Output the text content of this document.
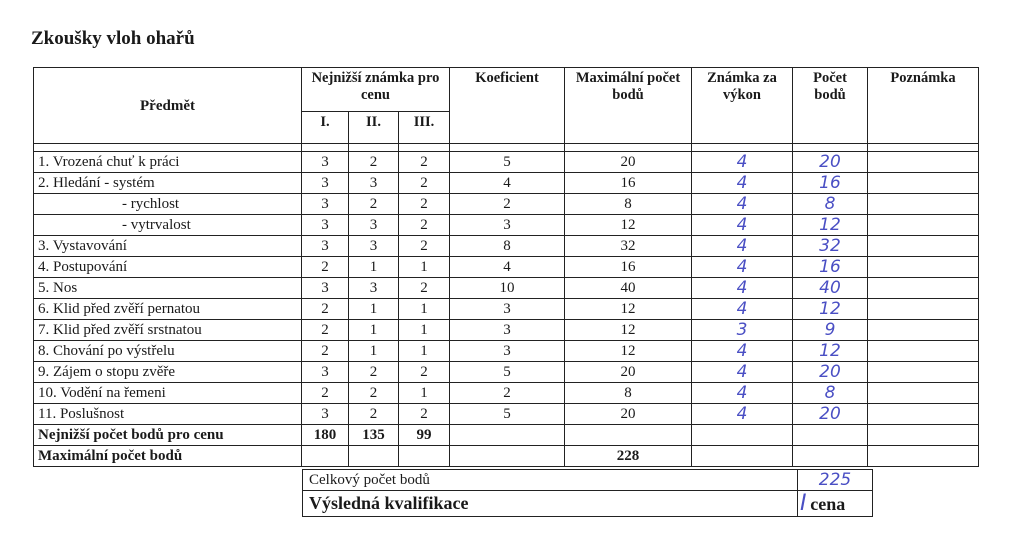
Zkoušky vloh ohařů
Předmět	Nejnižší známka pro cenu			Koeficient	Maximální počet bodů	Známka za výkon	Počet bodů	Poznámka
	I.	II.	III.					

1. Vrozená chuť k práci	3	2	2	5	20	4	20	
2. Hledání - systém	3	3	2	4	16	4	16	
- rychlost	3	2	2	2	8	4	8	
- vytrvalost	3	3	2	3	12	4	12	
3. Vystavování	3	3	2	8	32	4	32	
4. Postupování	2	1	1	4	16	4	16	
5. Nos	3	3	2	10	40	4	40	
6. Klid před zvěří pernatou	2	1	1	3	12	4	12	
7. Klid před zvěří srstnatou	2	1	1	3	12	3	9	
8. Chování po výstřelu	2	1	1	3	12	4	12	
9. Zájem o stopu zvěře	3	2	2	5	20	4	20	
10. Vodění na řemeni	2	2	1	2	8	4	8	
11. Poslušnost	3	2	2	5	20	4	20	
Nejnižší počet bodů pro cenu	180	135	99					
Maximální počet bodů					228			
Celkový počet bodů	225
Výsledná kvalifikace	I cena
